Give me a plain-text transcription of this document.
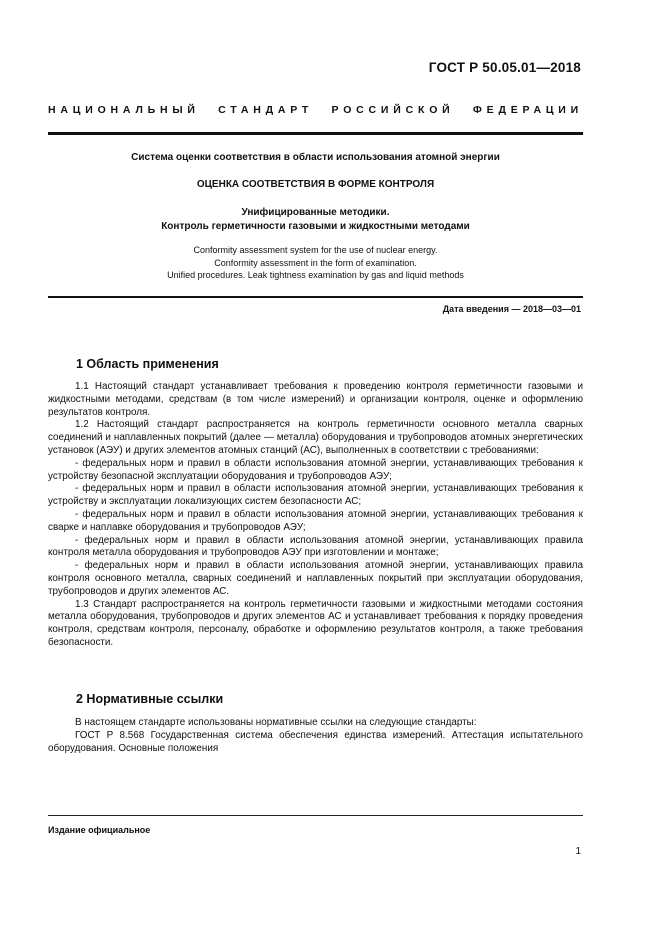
ГОСТ Р 50.05.01—2018
НАЦИОНАЛЬНЫЙ СТАНДАРТ РОССИЙСКОЙ ФЕДЕРАЦИИ
Система оценки соответствия в области использования атомной энергии
ОЦЕНКА СООТВЕТСТВИЯ В ФОРМЕ КОНТРОЛЯ
Унифицированные методики.
Контроль герметичности газовыми и жидкостными методами
Conformity assessment system for the use of nuclear energy.
Conformity assessment in the form of examination.
Unified procedures. Leak tightness examination by gas and liquid methods
Дата введения — 2018—03—01
1 Область применения

1.1 Настоящий стандарт устанавливает требования к проведению контроля герметичности газовыми и жидкостными методами, средствам (в том числе измерений) и организации контроля, оценке и оформлению результатов контроля.

1.2 Настоящий стандарт распространяется на контроль герметичности основного металла сварных соединений и наплавленных покрытий (далее — металла) оборудования и трубопроводов атомных энергетических установок (АЭУ) и других элементов атомных станций (АС), выполненных в соответствии с требованиями:

- федеральных норм и правил в области использования атомной энергии, устанавливающих требования к устройству безопасной эксплуатации оборудования и трубопроводов АЭУ;

- федеральных норм и правил в области использования атомной энергии, устанавливающих требования к устройству и эксплуатации локализующих систем безопасности АС;

- федеральных норм и правил в области использования атомной энергии, устанавливающих требования к сварке и наплавке оборудования и трубопроводов АЭУ;

- федеральных норм и правил в области использования атомной энергии, устанавливающих правила контроля металла оборудования и трубопроводов АЭУ при изготовлении и монтаже;

- федеральных норм и правил в области использования атомной энергии, устанавливающих правила контроля основного металла, сварных соединений и наплавленных покрытий при эксплуатации оборудования, трубопроводов и других элементов АС.

1.3 Стандарт распространяется на контроль герметичности газовыми и жидкостными методами состояния металла оборудования, трубопроводов и других элементов АС и устанавливает требования к порядку проведения контроля, средствам контроля, персоналу, обработке и оформлению результатов контроля, а также требования безопасности.

2 Нормативные ссылки

В настоящем стандарте использованы нормативные ссылки на следующие стандарты:

ГОСТ Р 8.568 Государственная система обеспечения единства измерений. Аттестация испытательного оборудования. Основные положения

Издание официальное
1
